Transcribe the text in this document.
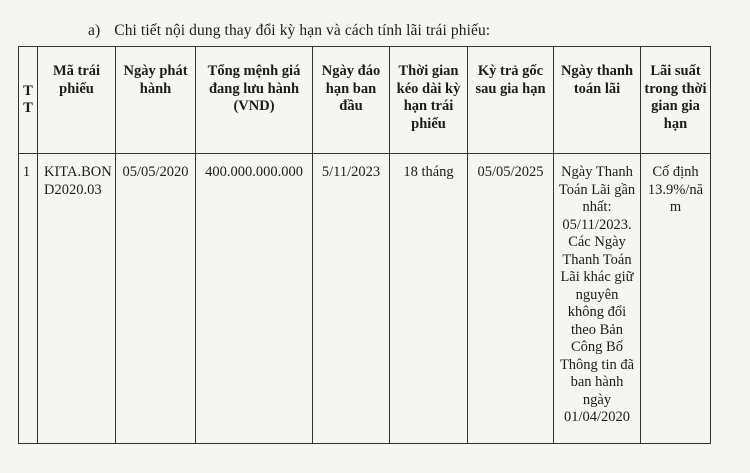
a) Chi tiết nội dung thay đổi kỳ hạn và cách tính lãi trái phiếu:
TT	Mã trái phiếu	Ngày phát hành	Tổng mệnh giá đang lưu hành (VND)	Ngày đáo hạn ban đầu	Thời gian kéo dài kỳ hạn trái phiếu	Kỳ trả gốc sau gia hạn	Ngày thanh toán lãi	Lãi suất trong thời gian gia hạn
1	KITA.BOND2020.03	05/05/2020	400.000.000.000	5/11/2023	18 tháng	05/05/2025	Ngày Thanh Toán Lãi gần nhất: 05/11/2023. Các Ngày Thanh Toán Lãi khác giữ nguyên không đổi theo Bản Công Bố Thông tin đã ban hành ngày 01/04/2020	Cố định 13.9%/năm
